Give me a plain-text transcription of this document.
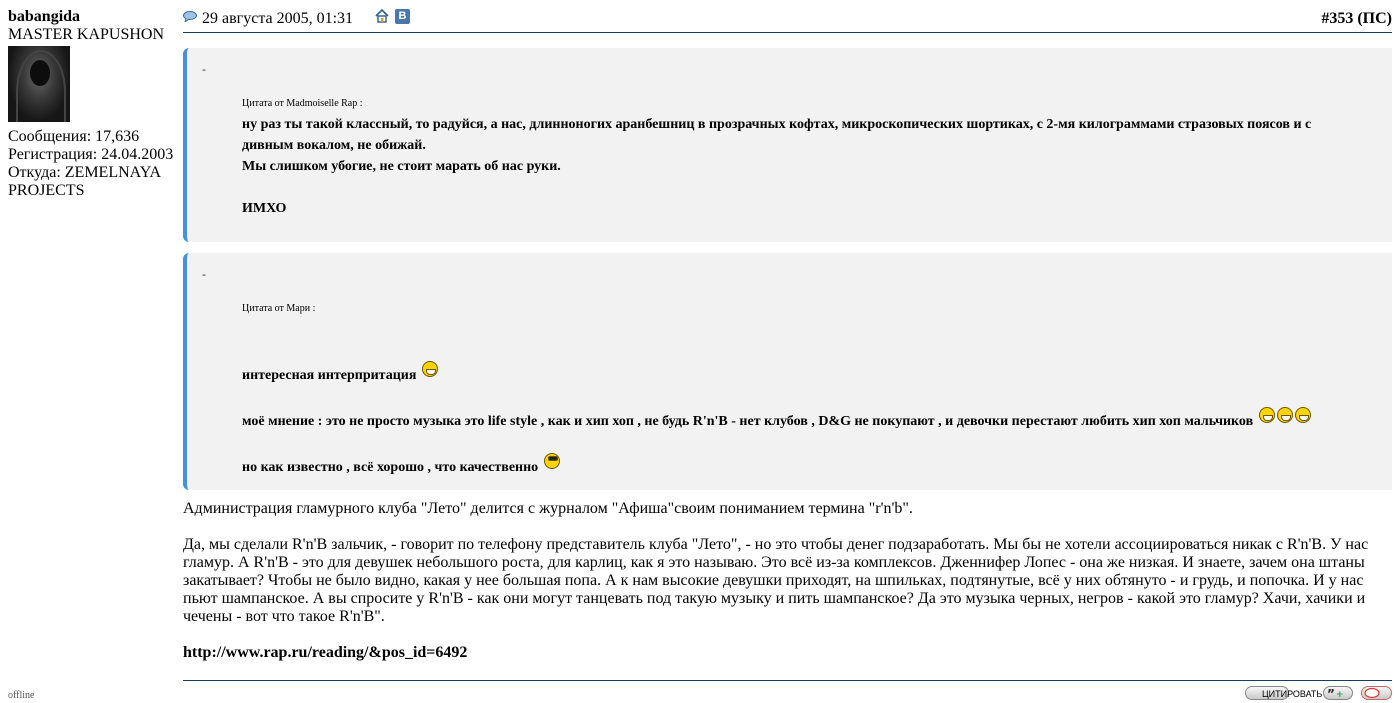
babangida
MASTER KAPUSHON
Сообщения: 17,636
Регистрация: 24.04.2003
Откуда: ZEMELNAYA PROJECTS
offline
29 августа 2005, 01:31	В	#353 (ПС)
-
Цитата от Madmoiselle Rap :
ну раз ты такой классный, то радуйся, а нас, длинноногих аранбешниц в прозрачных кофтах, микроскопических шортиках, с 2-мя килограммами стразовых поясов и с дивным вокалом, не обижай.
Мы слишком убогие, не стоит марать об нас руки.
ИМХО
-
Цитата от Мари :
интересная интерпритация
моё мнение : это не просто музыка это life style , как и хип хоп , не будь R'n'B - нет клубов , D&G не покупают , и девочки перестают любить хип хоп мальчиков
но как известно , всё хорошо , что качественно
Администрация гламурного клуба "Лето" делится с журналом "Афиша"своим пониманием термина "r'n'b".
Да, мы сделали R'n'B зальчик, - говорит по телефону представитель клуба "Лето", - но это чтобы денег подзаработать. Мы бы не хотели ассоциироваться никак с R'n'B. У нас гламур. А R'n'B - это для девушек небольшого роста, для карлиц, как я это называю. Это всё из-за комплексов. Дженнифер Лопес - она же низкая. И знаете, зачем она штаны закатывает? Чтобы не было видно, какая у нее большая попа. А к нам высокие девушки приходят, на шпильках, подтянутые, всё у них обтянуто - и грудь, и попочка. И у нас пьют шампанское. А вы спросите у R'n'B - как они могут танцевать под такую музыку и пить шампанское? Да это музыка черных, негров - какой это гламур? Хачи, хачики и чечены - вот что такое R'n'B".
http://www.rap.ru/reading/&pos_id=6492
ЦИТИРОВАТЬ ” +
